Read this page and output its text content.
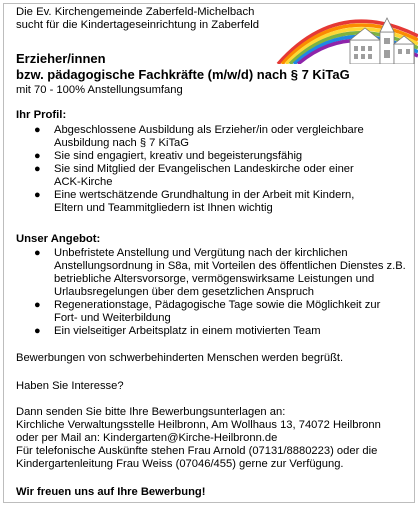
Die Ev. Kirchengemeinde Zaberfeld-Michelbach
sucht für die Kindertageseinrichtung in Zaberfeld
Erzieher/innen
bzw. pädagogische Fachkräfte (m/w/d) nach § 7 KiTaG
mit 70 - 100% Anstellungsumfang
Ihr Profil:
● Abgeschlossene Ausbildung als Erzieher/in oder vergleichbare
Ausbildung nach § 7 KiTaG
● Sie sind engagiert, kreativ und begeisterungsfähig
● Sie sind Mitglied der Evangelischen Landeskirche oder einer
ACK-Kirche
● Eine wertschätzende Grundhaltung in der Arbeit mit Kindern,
Eltern und Teammitgliedern ist Ihnen wichtig
Unser Angebot:
● Unbefristete Anstellung und Vergütung nach der kirchlichen
Anstellungsordnung in S8a, mit Vorteilen des öffentlichen Dienstes z.B.
betriebliche Altersvorsorge, vermögenswirksame Leistungen und
Urlaubsregelungen über dem gesetzlichen Anspruch
● Regenerationstage, Pädagogische Tage sowie die Möglichkeit zur
Fort- und Weiterbildung
● Ein vielseitiger Arbeitsplatz in einem motivierten Team
Bewerbungen von schwerbehinderten Menschen werden begrüßt.
Haben Sie Interesse?
Dann senden Sie bitte Ihre Bewerbungsunterlagen an:
Kirchliche Verwaltungsstelle Heilbronn, Am Wollhaus 13, 74072 Heilbronn
oder per Mail an: Kindergarten@Kirche-Heilbronn.de
Für telefonische Auskünfte stehen Frau Arnold (07131/8880223) oder die
Kindergartenleitung Frau Weiss (07046/455) gerne zur Verfügung.
Wir freuen uns auf Ihre Bewerbung!
